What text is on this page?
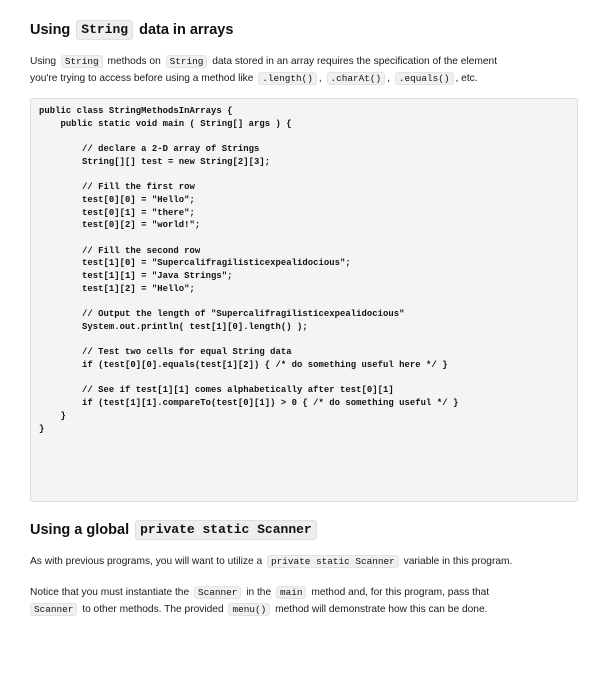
Using String data in arrays

Using String methods on String data stored in an array requires the specification of the element

you're trying to access before using a method like .length() , .charAt() , .equals() , etc.

public class StringMethodsInArrays {
public static void main ( String[] args ) {

// declare a 2-D array of Strings
String[][] test = new String[2][3];

// Fill the first row
test[0][0] = "Hello";
test[0][1] = "there";
test[0][2] = "world!";

// Fill the second row
test[1][0] = "Supercalifragilisticexpealidocious";
test[1][1] = "Java Strings";
test[1][2] = "Hello";

// Output the length of "Supercalifragilisticexpealidocious"
System.out.println( test[1][0].length() );

// Test two cells for equal String data
if (test[0][0].equals(test[1][2]) { /* do something useful here */ }

// See if test[1][1] comes alphabetically after test[0][1]
if (test[1][1].compareTo(test[0][1]) > 0 { /* do something useful */ }
}
}
Using a global private static Scanner

As with previous programs, you will want to utilize a private static Scanner variable in this program.

Notice that you must instantiate the Scanner in the main method and, for this program, pass that

Scanner to other methods. The provided menu() method will demonstrate how this can be done.
